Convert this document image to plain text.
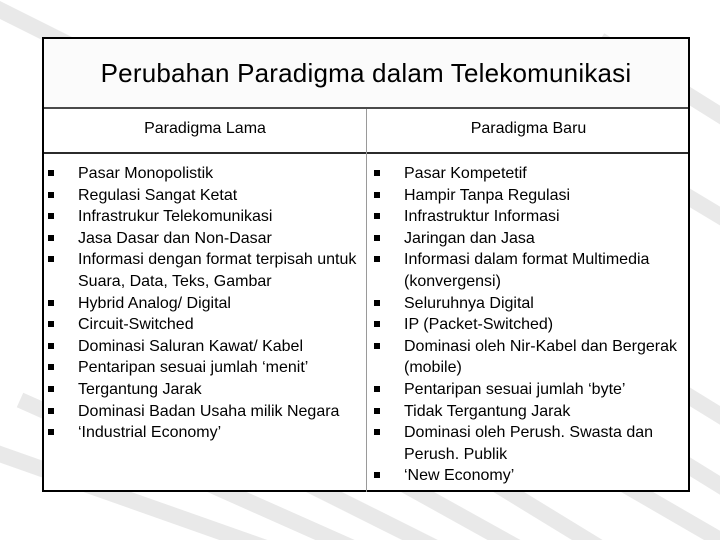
Perubahan Paradigma dalam Telekomunikasi
Paradigma Lama	Paradigma Baru
Pasar Monopolistik
Regulasi Sangat Ketat
Infrastrukur Telekomunikasi
Jasa Dasar dan Non-Dasar
Informasi dengan format terpisah untuk Suara, Data, Teks, Gambar
Hybrid Analog/ Digital
Circuit-Switched
Dominasi Saluran Kawat/ Kabel
Pentaripan sesuai jumlah ‘menit’
Tergantung Jarak
Dominasi Badan Usaha milik Negara
‘Industrial Economy’
Pasar Kompetetif
Hampir Tanpa Regulasi
Infrastruktur Informasi
Jaringan dan Jasa
Informasi dalam format Multimedia (konvergensi)
Seluruhnya Digital
IP (Packet-Switched)
Dominasi oleh Nir-Kabel dan Bergerak (mobile)
Pentaripan sesuai jumlah ‘byte’
Tidak Tergantung Jarak
Dominasi oleh Perush. Swasta dan Perush. Publik
‘New Economy’
